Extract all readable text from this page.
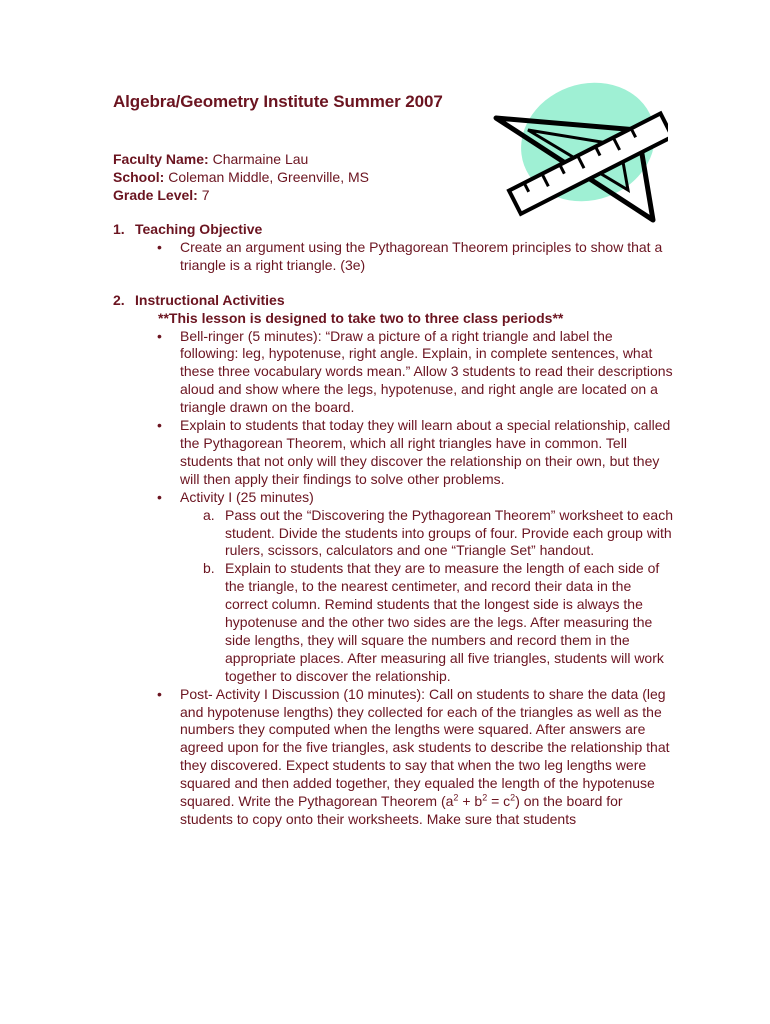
Algebra/Geometry Institute Summer 2007

Faculty Name: Charmaine Lau

School: Coleman Middle, Greenville, MS

Grade Level: 7

1. Teaching Objective

• Create an argument using the Pythagorean Theorem principles to show that a triangle is a right triangle. (3e)

2. Instructional Activities

**This lesson is designed to take two to three class periods**

• Bell-ringer (5 minutes): “Draw a picture of a right triangle and label the following: leg, hypotenuse, right angle. Explain, in complete sentences, what these three vocabulary words mean.” Allow 3 students to read their descriptions aloud and show where the legs, hypotenuse, and right angle are located on a triangle drawn on the board.
• Explain to students that today they will learn about a special relationship, called the Pythagorean Theorem, which all right triangles have in common. Tell students that not only will they discover the relationship on their own, but they will then apply their findings to solve other problems.
• Activity I (25 minutes)
a. Pass out the “Discovering the Pythagorean Theorem” worksheet to each student. Divide the students into groups of four. Provide each group with rulers, scissors, calculators and one “Triangle Set” handout.
b. Explain to students that they are to measure the length of each side of the triangle, to the nearest centimeter, and record their data in the correct column. Remind students that the longest side is always the hypotenuse and the other two sides are the legs. After measuring the side lengths, they will square the numbers and record them in the appropriate places. After measuring all five triangles, students will work together to discover the relationship.
• Post- Activity I Discussion (10 minutes): Call on students to share the data (leg and hypotenuse lengths) they collected for each of the triangles as well as the numbers they computed when the lengths were squared. After answers are agreed upon for the five triangles, ask students to describe the relationship that they discovered. Expect students to say that when the two leg lengths were squared and then added together, they equaled the length of the hypotenuse squared. Write the Pythagorean Theorem $(a^2 + b^2 = c^2)$ on the board for students to copy onto their worksheets. Make sure that students
